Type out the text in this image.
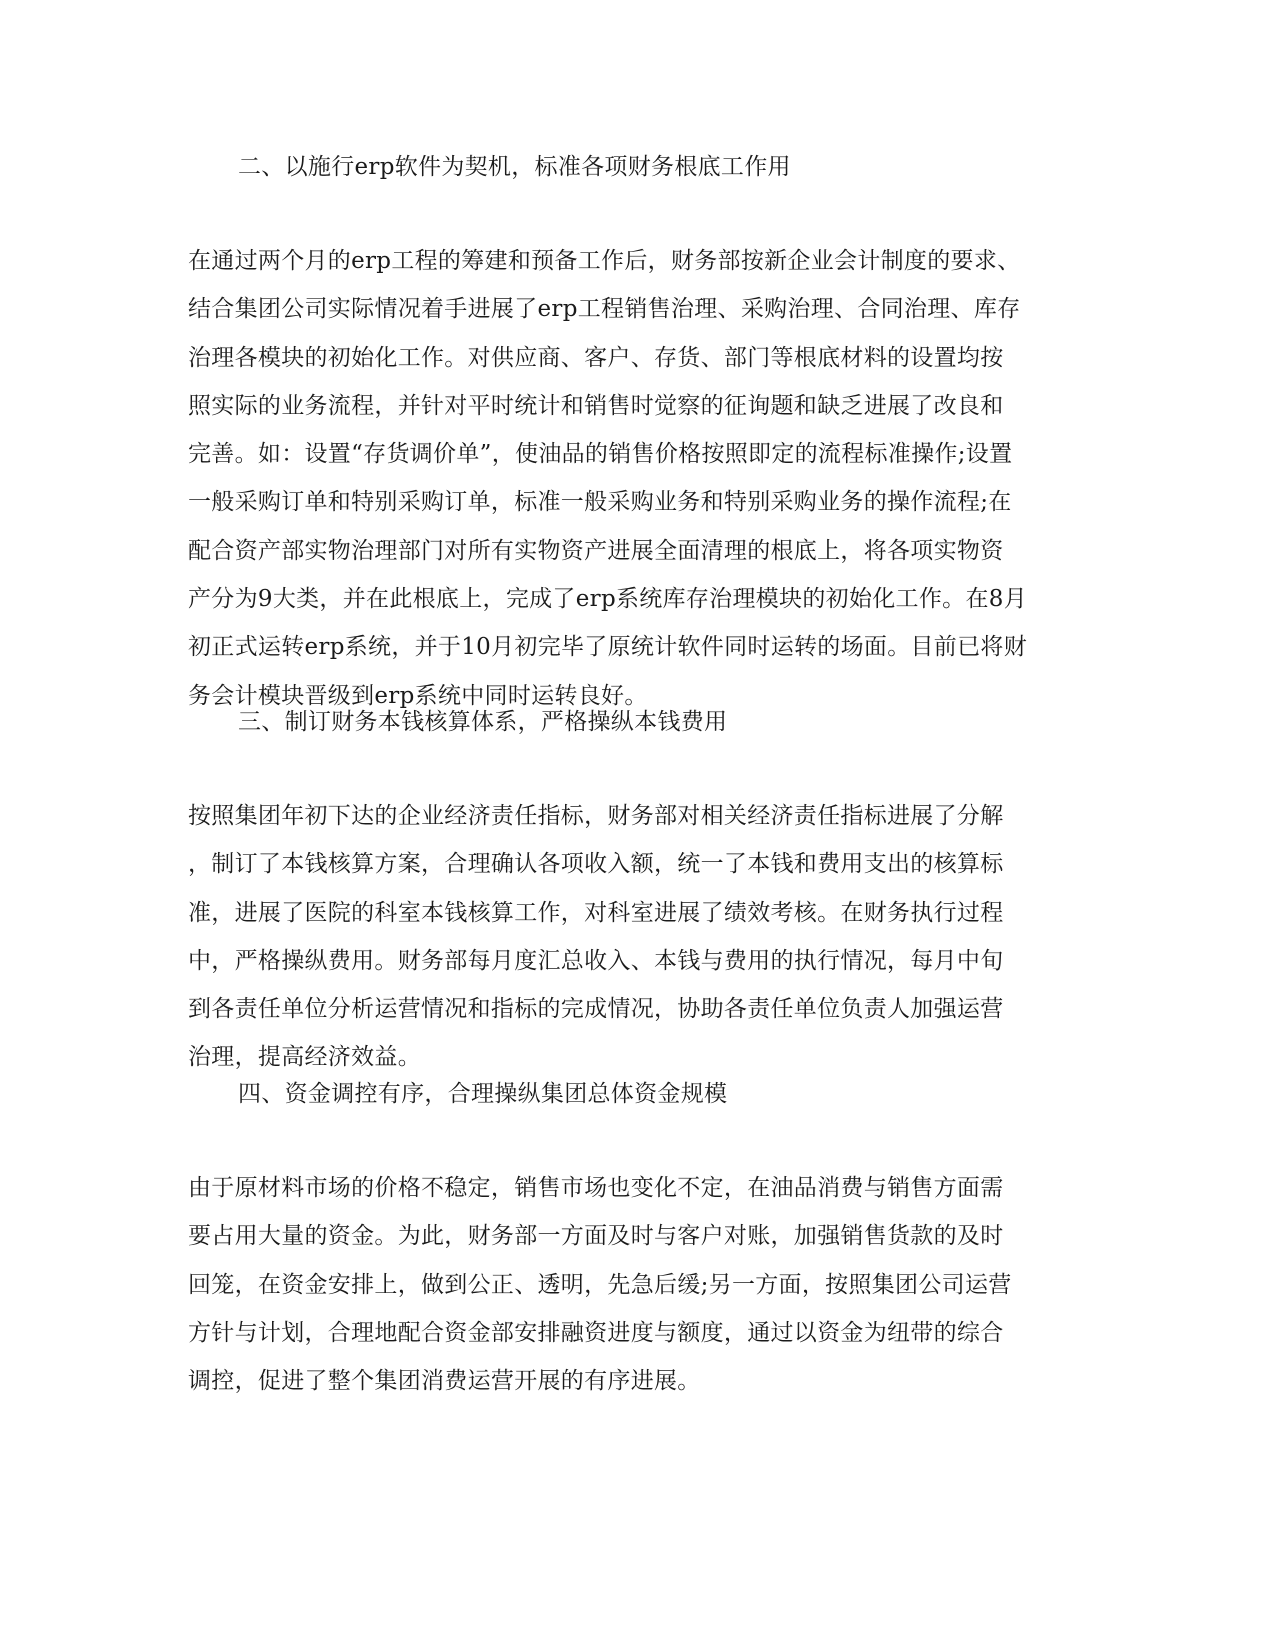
二、以施行erp软件为契机，标准各项财务根底工作用
在通过两个月的erp工程的筹建和预备工作后，财务部按新企业会计制度的要求、
结合集团公司实际情况着手进展了erp工程销售治理、采购治理、合同治理、库存
治理各模块的初始化工作。对供应商、客户、存货、部门等根底材料的设置均按
照实际的业务流程，并针对平时统计和销售时觉察的征询题和缺乏进展了改良和
完善。如：设置“存货调价单”，使油品的销售价格按照即定的流程标准操作;设置
一般采购订单和特别采购订单，标准一般采购业务和特别采购业务的操作流程;在
配合资产部实物治理部门对所有实物资产进展全面清理的根底上，将各项实物资
产分为9大类，并在此根底上，完成了erp系统库存治理模块的初始化工作。在8月
初正式运转erp系统，并于10月初完毕了原统计软件同时运转的场面。目前已将财
务会计模块晋级到erp系统中同时运转良好。
三、制订财务本钱核算体系，严格操纵本钱费用
按照集团年初下达的企业经济责任指标，财务部对相关经济责任指标进展了分解
，制订了本钱核算方案，合理确认各项收入额，统一了本钱和费用支出的核算标
准，进展了医院的科室本钱核算工作，对科室进展了绩效考核。在财务执行过程
中，严格操纵费用。财务部每月度汇总收入、本钱与费用的执行情况，每月中旬
到各责任单位分析运营情况和指标的完成情况，协助各责任单位负责人加强运营
治理，提高经济效益。
四、资金调控有序，合理操纵集团总体资金规模
由于原材料市场的价格不稳定，销售市场也变化不定，在油品消费与销售方面需
要占用大量的资金。为此，财务部一方面及时与客户对账，加强销售货款的及时
回笼，在资金安排上，做到公正、透明，先急后缓;另一方面，按照集团公司运营
方针与计划，合理地配合资金部安排融资进度与额度，通过以资金为纽带的综合
调控，促进了整个集团消费运营开展的有序进展。
